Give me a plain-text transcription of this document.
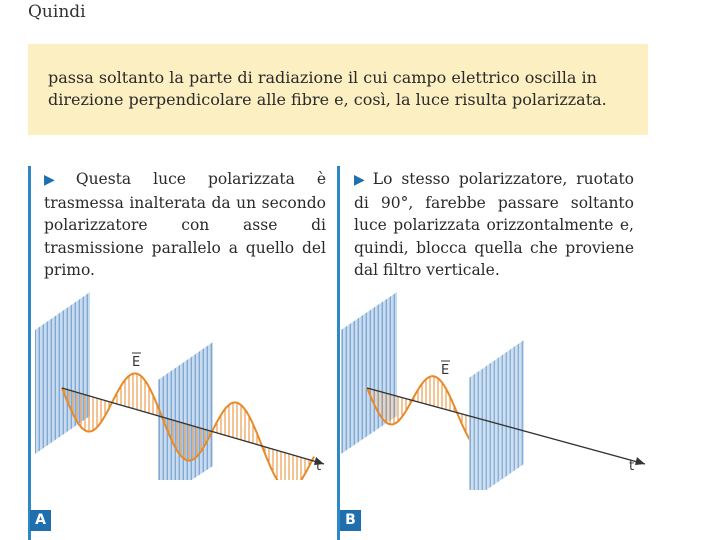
Quindi

passa soltanto la parte di radiazione il cui campo elettrico oscilla in direzione perpendicolare alle fibre e, così, la luce risulta polarizzata.

▶ Questa luce polarizzata è trasmessa inalterata da un secondo polarizzatore con asse di trasmissione parallelo a quello del primo.
▶ Lo stesso polarizzatore, ruotato di 90°, farebbe passare soltanto luce polarizzata orizzontalmente e, quindi, blocca quella che proviene dal filtro verticale.
E
t
A
E
t
B
